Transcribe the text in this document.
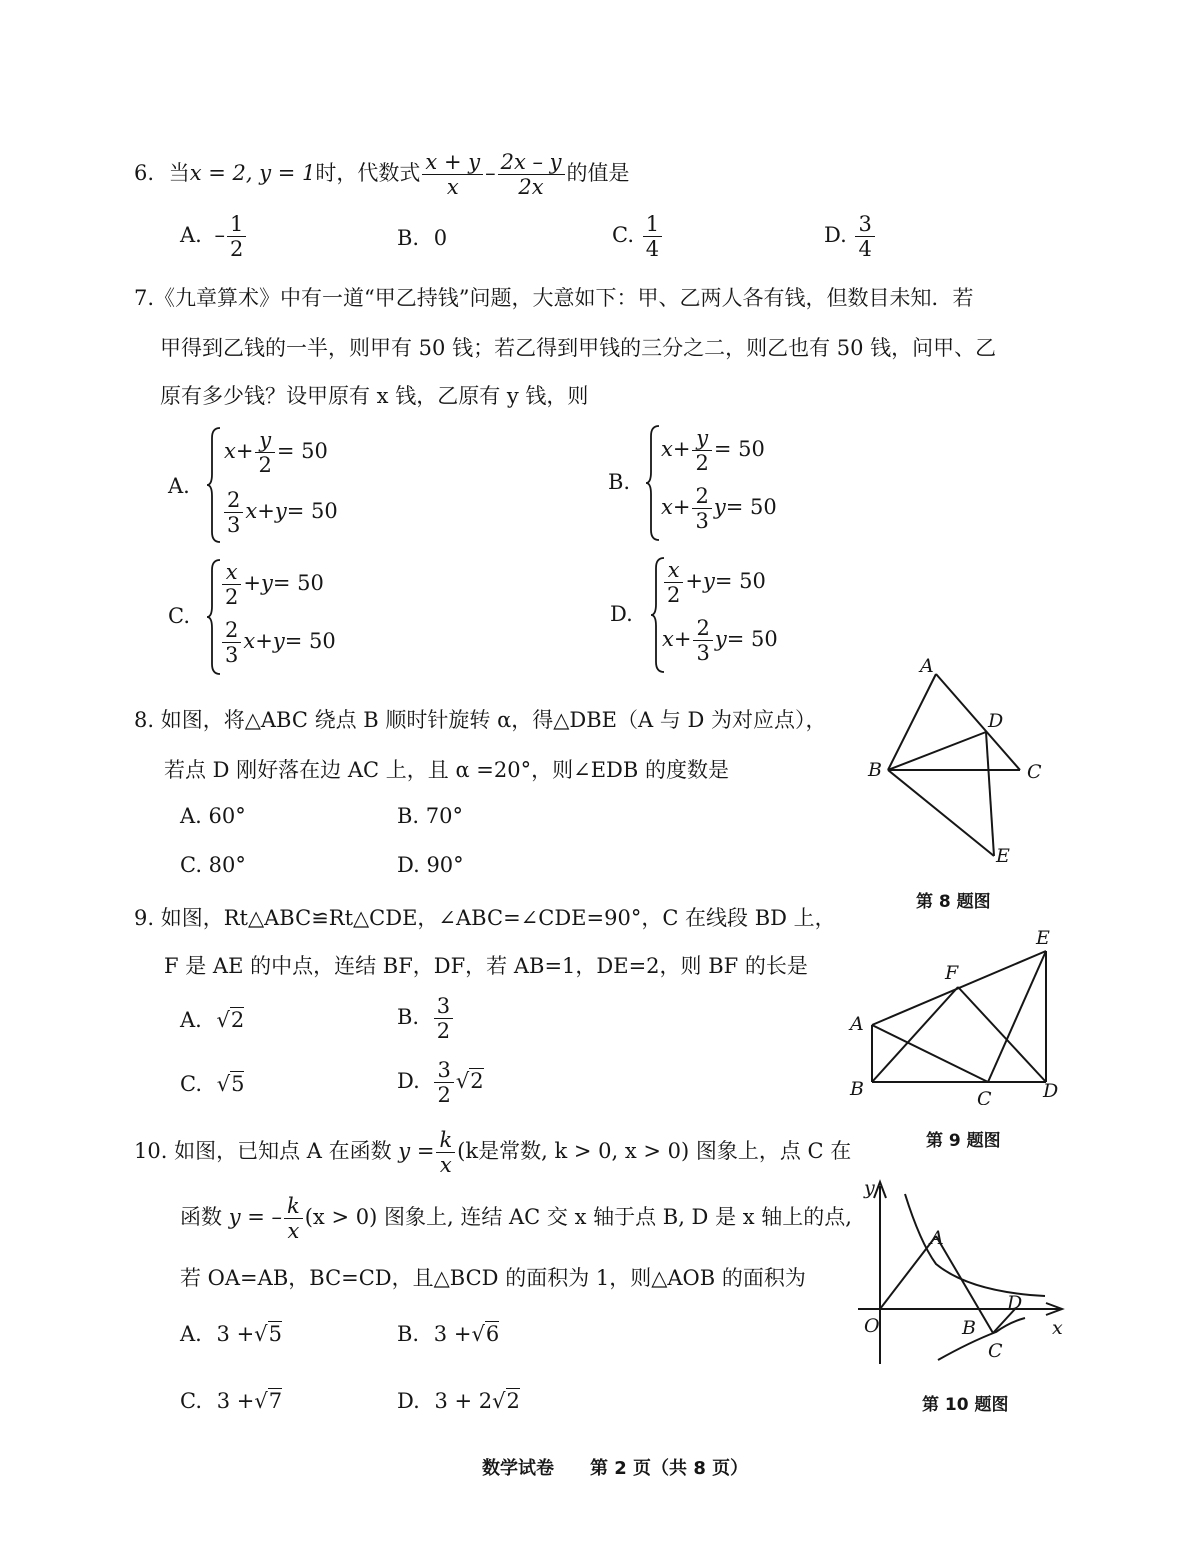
6. 当x = 2, y = 1时，代数式 $\frac{x + y}{x} - \frac{2x - y}{2x}$ 的值是
A. – $\frac{1}{2}$	B. 0	C. $\frac{1}{4}$	D. $\frac{3}{4}$
7.《九章算术》中有一道“甲乙持钱”问题，大意如下：甲、乙两人各有钱，但数目未知．若
甲得到乙钱的一半，则甲有 50 钱；若乙得到甲钱的三分之二，则乙也有 50 钱，问甲、乙
原有多少钱？设甲原有 x 钱，乙原有 y 钱，则
A.
$x+ \frac{y}{2} = 50$
$\frac{2}{3} x+y= 50$
B.
$x+ \frac{y}{2} = 50$
$x+ \frac{2}{3} y= 50$
C.
$\frac{x}{2} +y= 50$
$\frac{2}{3} x+y= 50$
D.
$\frac{x}{2} +y= 50$
$x+ \frac{2}{3} y= 50$
8. 如图，将△ABC 绕点 B 顺时针旋转 α，得△DBE（A 与 D 为对应点），
若点 D 刚好落在边 AC 上，且 α =20°，则∠EDB 的度数是
A. 60°	B. 70°
C. 80°	D. 90°
A
B	C
D
E
第 8 题图
9. 如图，Rt△ABC≌Rt△CDE，∠ABC=∠CDE=90°，C 在线段 BD 上，
F 是 AE 的中点，连结 BF，DF，若 AB=1，DE=2，则 BF 的长是
A. √2	B. $\frac{3}{2}$
C. √5	D. $\frac{3}{2} √2$
A
B	C	D
E
F
第 9 题图
10. 如图，已知点 A 在函数 $y = \frac{k}{x} (k$是常数, k > 0, x > 0) 图象上，点 C 在
函数 y = – $\frac{k}{x} (x > 0)$ 图象上, 连结 AC 交 x 轴于点 B, D 是 x 轴上的点,
若 OA=AB，BC=CD，且△BCD 的面积为 1，则△AOB 的面积为
A. 3 +√5	B. 3 +√6
C. 3 +√7	D. 3 + 2√2
A
B
C
D
O	x
y
第 10 题图
数学试卷　　第 2 页（共 8 页）
